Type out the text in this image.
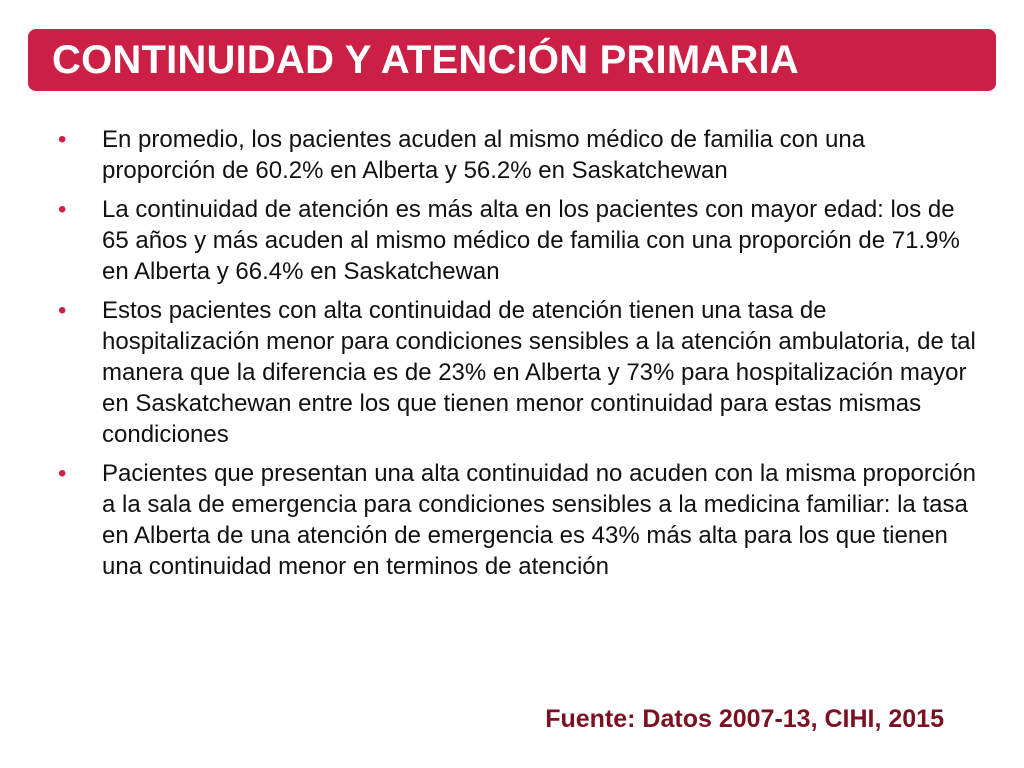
CONTINUIDAD Y ATENCIÓN PRIMARIA
• En promedio, los pacientes acuden al mismo médico de familia con una proporción de 60.2% en Alberta y 56.2% en Saskatchewan
• La continuidad de atención es más alta en los pacientes con mayor edad: los de 65 años y más acuden al mismo médico de familia con una proporción de 71.9% en Alberta y 66.4% en Saskatchewan
• Estos pacientes con alta continuidad de atención tienen una tasa de hospitalización menor para condiciones sensibles a la atención ambulatoria, de tal manera que la diferencia es de 23% en Alberta y 73% para hospitalización mayor en Saskatchewan entre los que tienen menor continuidad para estas mismas condiciones
• Pacientes que presentan una alta continuidad no acuden con la misma proporción a la sala de emergencia para condiciones sensibles a la medicina familiar: la tasa en Alberta de una atención de emergencia es 43% más alta para los que tienen una continuidad menor en terminos de atención
Fuente: Datos 2007-13, CIHI, 2015
